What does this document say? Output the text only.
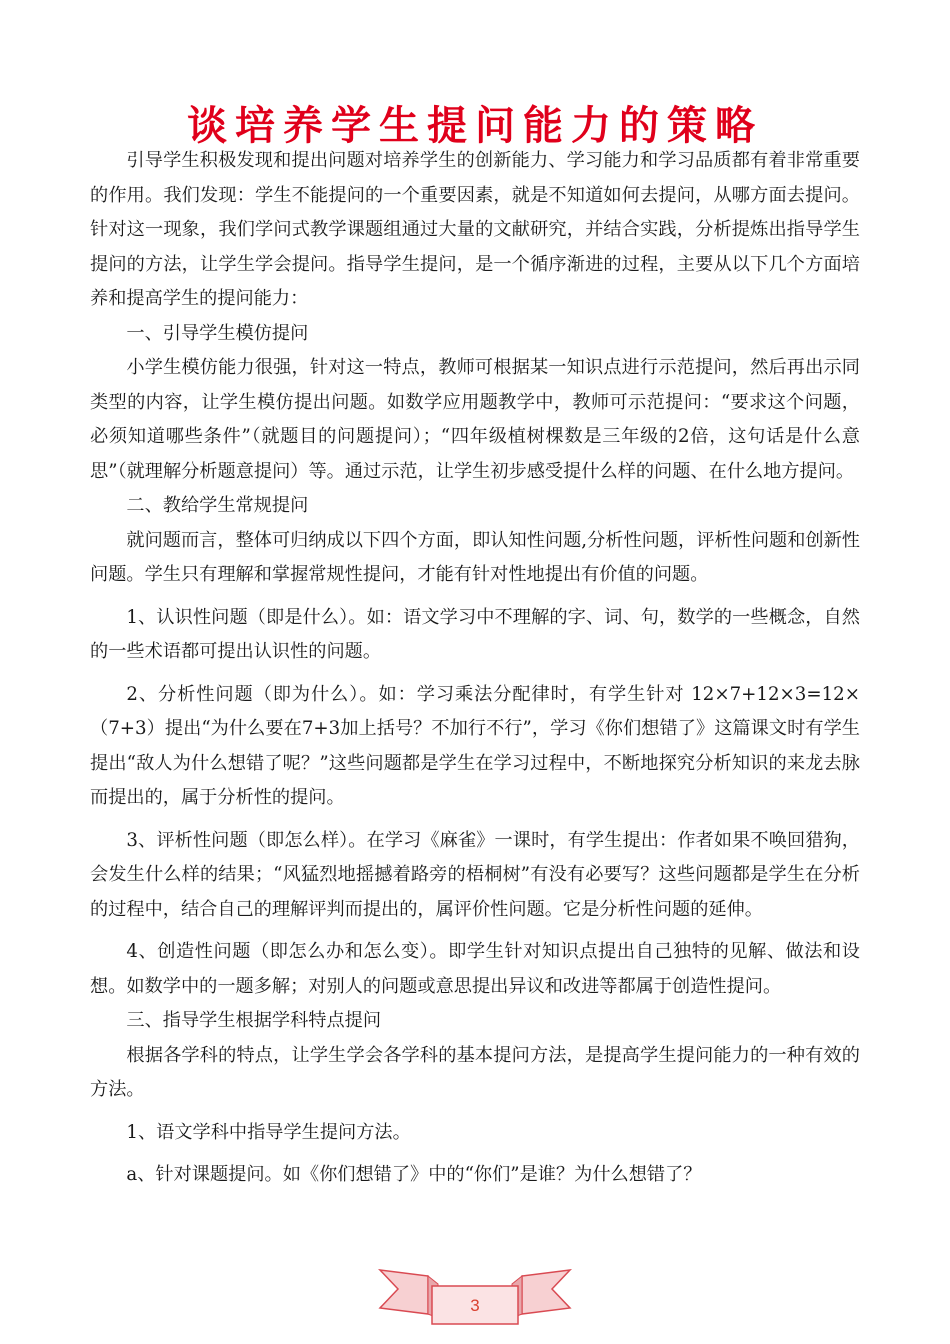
谈培养学生提问能力的策略

引导学生积极发现和提出问题对培养学生的创新能力、学习能力和学习品质都有着非常重要的作用。我们发现：学生不能提问的一个重要因素，就是不知道如何去提问，从哪方面去提问。针对这一现象，我们学问式教学课题组通过大量的文献研究，并结合实践，分析提炼出指导学生提问的方法，让学生学会提问。指导学生提问，是一个循序渐进的过程，主要从以下几个方面培养和提高学生的提问能力：

一、引导学生模仿提问

小学生模仿能力很强，针对这一特点，教师可根据某一知识点进行示范提问，然后再出示同类型的内容，让学生模仿提出问题。如数学应用题教学中，教师可示范提问：“要求这个问题，必须知道哪些条件”（就题目的问题提问）；“四年级植树棵数是三年级的2倍，这句话是什么意思”（就理解分析题意提问）等。通过示范，让学生初步感受提什么样的问题、在什么地方提问。

二、教给学生常规提问

就问题而言，整体可归纳成以下四个方面，即认知性问题,分析性问题，评析性问题和创新性问题。学生只有理解和掌握常规性提问，才能有针对性地提出有价值的问题。

1、认识性问题（即是什么）。如：语文学习中不理解的字、词、句，数学的一些概念，自然的一些术语都可提出认识性的问题。

2、分析性问题（即为什么）。如：学习乘法分配律时，有学生针对 12×7+12×3=12×（7+3）提出“为什么要在7+3加上括号？不加行不行”，学习《你们想错了》这篇课文时有学生提出“敌人为什么想错了呢？”这些问题都是学生在学习过程中，不断地探究分析知识的来龙去脉而提出的，属于分析性的提问。

3、评析性问题（即怎么样）。在学习《麻雀》一课时，有学生提出：作者如果不唤回猎狗，会发生什么样的结果；“风猛烈地摇撼着路旁的梧桐树”有没有必要写？这些问题都是学生在分析的过程中，结合自己的理解评判而提出的，属评价性问题。它是分析性问题的延伸。

4、创造性问题（即怎么办和怎么变）。即学生针对知识点提出自己独特的见解、做法和设想。如数学中的一题多解；对别人的问题或意思提出异议和改进等都属于创造性提问。

三、指导学生根据学科特点提问

根据各学科的特点，让学生学会各学科的基本提问方法，是提高学生提问能力的一种有效的方法。

1、语文学科中指导学生提问方法。

a、针对课题提问。如《你们想错了》中的“你们”是谁？为什么想错了？

3
